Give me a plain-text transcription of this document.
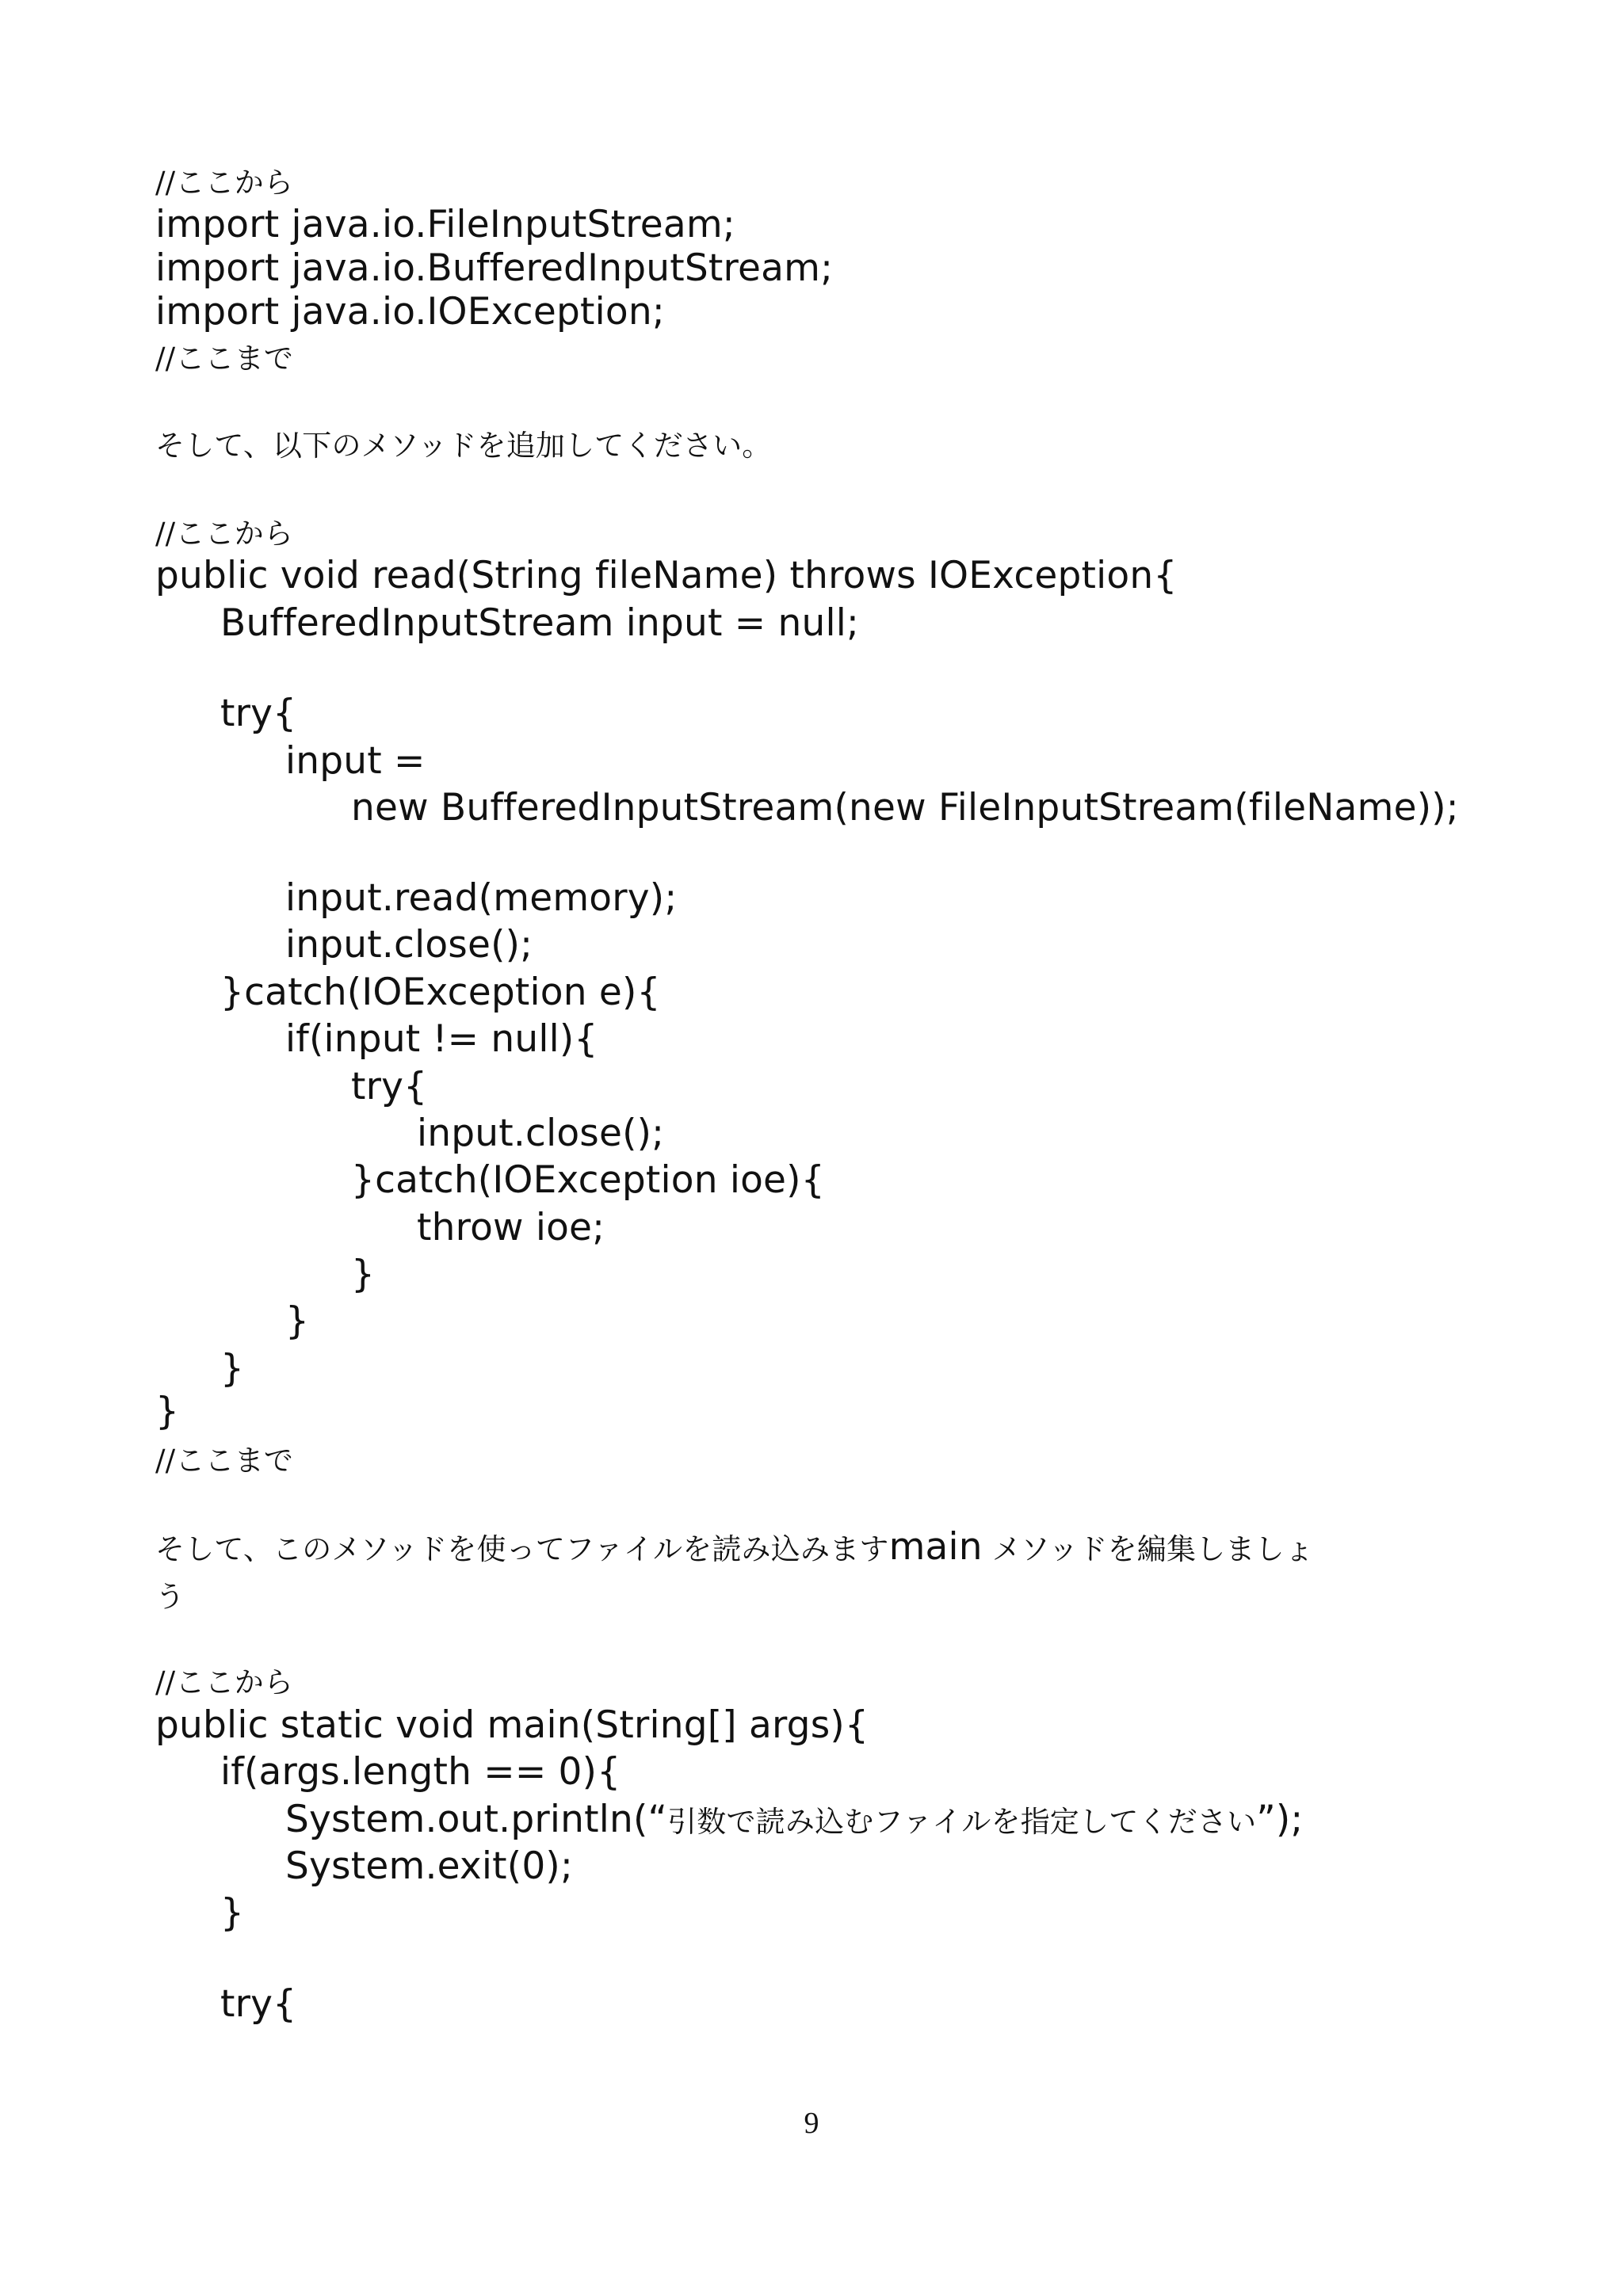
//ここから
import java.io.FileInputStream;
import java.io.BufferedInputStream;
import java.io.IOException;
//ここまで
そして、以下のメソッドを追加してください。
//ここから
public void read(String fileName) throws IOException{
BufferedInputStream input = null;
try{
input =
new BufferedInputStream(new FileInputStream(fileName));
input.read(memory);
input.close();
}catch(IOException e){
if(input != null){
try{
input.close();
}catch(IOException ioe){
throw ioe;
}
}
}
}
//ここまで
そして、このメソッドを使ってファイルを読み込みますmain メソッドを編集しましょ
う
//ここから
public static void main(String[] args){
if(args.length == 0){
System.out.println(“引数で読み込むファイルを指定してください”);
System.exit(0);
}
try{
9
